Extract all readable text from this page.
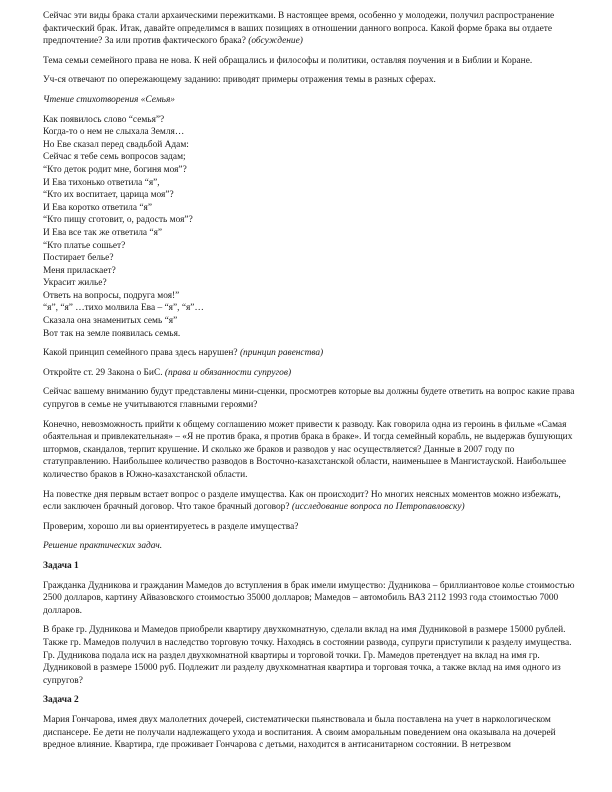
Сейчас эти виды брака стали архаическими пережитками. В настоящее время, особенно у молодежи, получил распространение фактический брак. Итак, давайте определимся в ваших позициях в отношении данного вопроса. Какой форме брака вы отдаете предпочтение? За или против фактического брака? (обсуждение)

Тема семьи семейного права не нова. К ней обращались и философы и политики, оставляя поучения и в Библии и Коране.

Уч-ся отвечают по опережающему заданию: приводят примеры отражения темы в разных сферах.

Чтение стихотворения «Семья»

Как появилось слово “семья”?
Когда-то о нем не слыхала Земля…
Но Еве сказал перед свадьбой Адам:
Сейчас я тебе семь вопросов задам;
“Кто деток родит мне, богиня моя”?
И Ева тихонько ответила “я”,
“Кто их воспитает, царица моя”?
И Ева коротко ответила “я”
“Кто пищу сготовит, о, радость моя”?
И Ева все так же ответила “я”
“Кто платье сошьет?
Постирает белье?
Меня приласкает?
Украсит жилье?
Ответь на вопросы, подруга моя!”
“я”, “я” …тихо молвила Ева – “я”, “я”…
Сказала она знаменитых семь “я”
Вот так на земле появилась семья.

Какой принцип семейного права здесь нарушен? (принцип равенства)

Откройте ст. 29 Закона о БиС. (права и обязанности супругов)

Сейчас вашему вниманию будут представлены мини-сценки, просмотрев которые вы должны будете ответить на вопрос какие права супругов в семье не учитываются главными героями?

Конечно, невозможность прийти к общему соглашению может привести к разводу. Как говорила одна из героинь в фильме «Самая обаятельная и привлекательная» – «Я не против брака, я против брака в браке». И тогда семейный корабль, не выдержав бушующих штормов, скандалов, терпит крушение. И сколько же браков и разводов у нас осуществляется? Данные в 2007 году по статуправлению. Наибольшее количество разводов в Восточно-казахстанской области, наименьшее в Мангистауской. Наибольшее количество браков в Южно-казахстанской области.

На повестке дня первым встает вопрос о разделе имущества. Как он происходит? Но многих неясных моментов можно избежать, если заключен брачный договор. Что такое брачный договор? (исследование вопроса по Петропавловску)

Проверим, хорошо ли вы ориентируетесь в разделе имущества?

Решение практических задач.

Задача 1

Гражданка Дудникова и гражданин Мамедов до вступления в брак имели имущество: Дудникова – бриллиантовое колье стоимостью 2500 долларов, картину Айвазовского стоимостью 35000 долларов; Мамедов – автомобиль ВАЗ 2112 1993 года стоимостью 7000 долларов.

В браке гр. Дудникова и Мамедов приобрели квартиру двухкомнатную, сделали вклад на имя Дудниковой в размере 15000 рублей. Также гр. Мамедов получил в наследство торговую точку. Находясь в состоянии развода, супруги приступили к разделу имущества. Гр. Дудникова подала иск на раздел двухкомнатной квартиры и торговой точки. Гр. Мамедов претендует на вклад на имя гр. Дудниковой в размере 15000 руб. Подлежит ли разделу двухкомнатная квартира и торговая точка, а также вклад на имя одного из супругов?

Задача 2

Мария Гончарова, имея двух малолетних дочерей, систематически пьянствовала и была поставлена на учет в наркологическом диспансере. Ее дети не получали надлежащего ухода и воспитания. А своим аморальным поведением она оказывала на дочерей вредное влияние. Квартира, где проживает Гончарова с детьми, находится в антисанитарном состоянии. В нетрезвом
